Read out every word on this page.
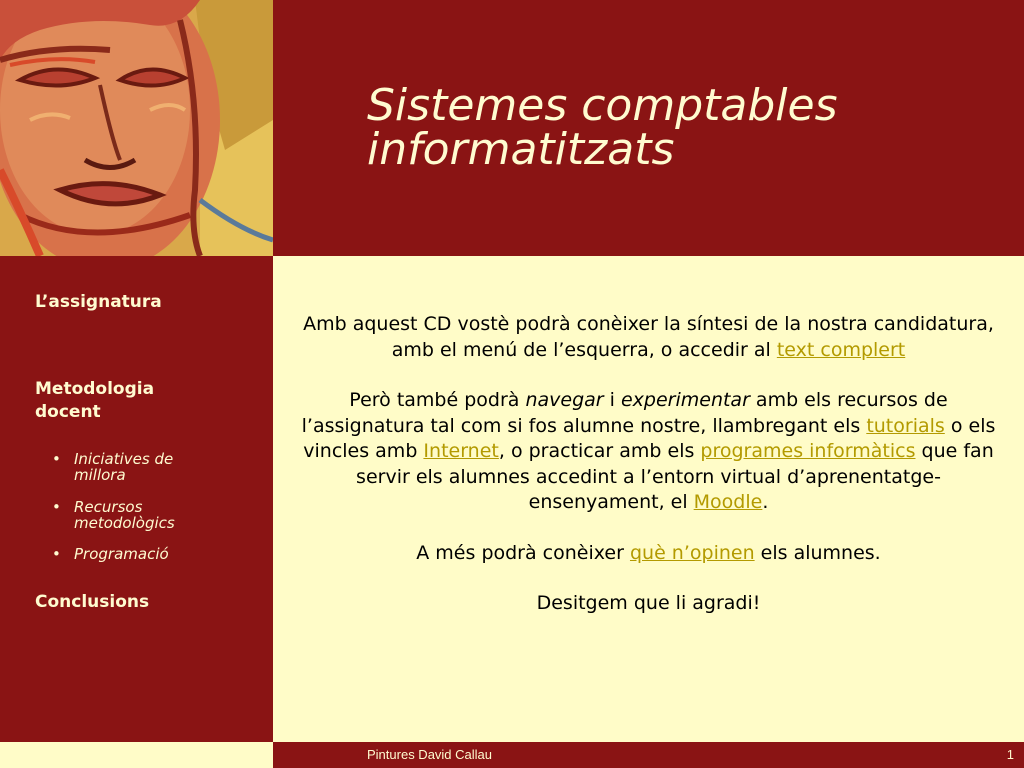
Sistemes comptables
informatitzats
L’assignatura
Metodologia docent
• Iniciatives de millora
• Recursos metodològics
• Programació
Conclusions

Amb aquest CD vostè podrà conèixer la síntesi de la nostra candidatura, amb el menú de l’esquerra, o accedir al text complert

Però també podrà navegar i experimentar amb els recursos de l’assignatura tal com si fos alumne nostre, llambregant els tutorials o els vincles amb Internet, o practicar amb els programes informàtics que fan servir els alumnes accedint a l’entorn virtual d’aprenentatge-ensenyament, el Moodle.

A més podrà conèixer què n’opinen els alumnes.

Desitgem que li agradi!

Pintures David Callau	1
